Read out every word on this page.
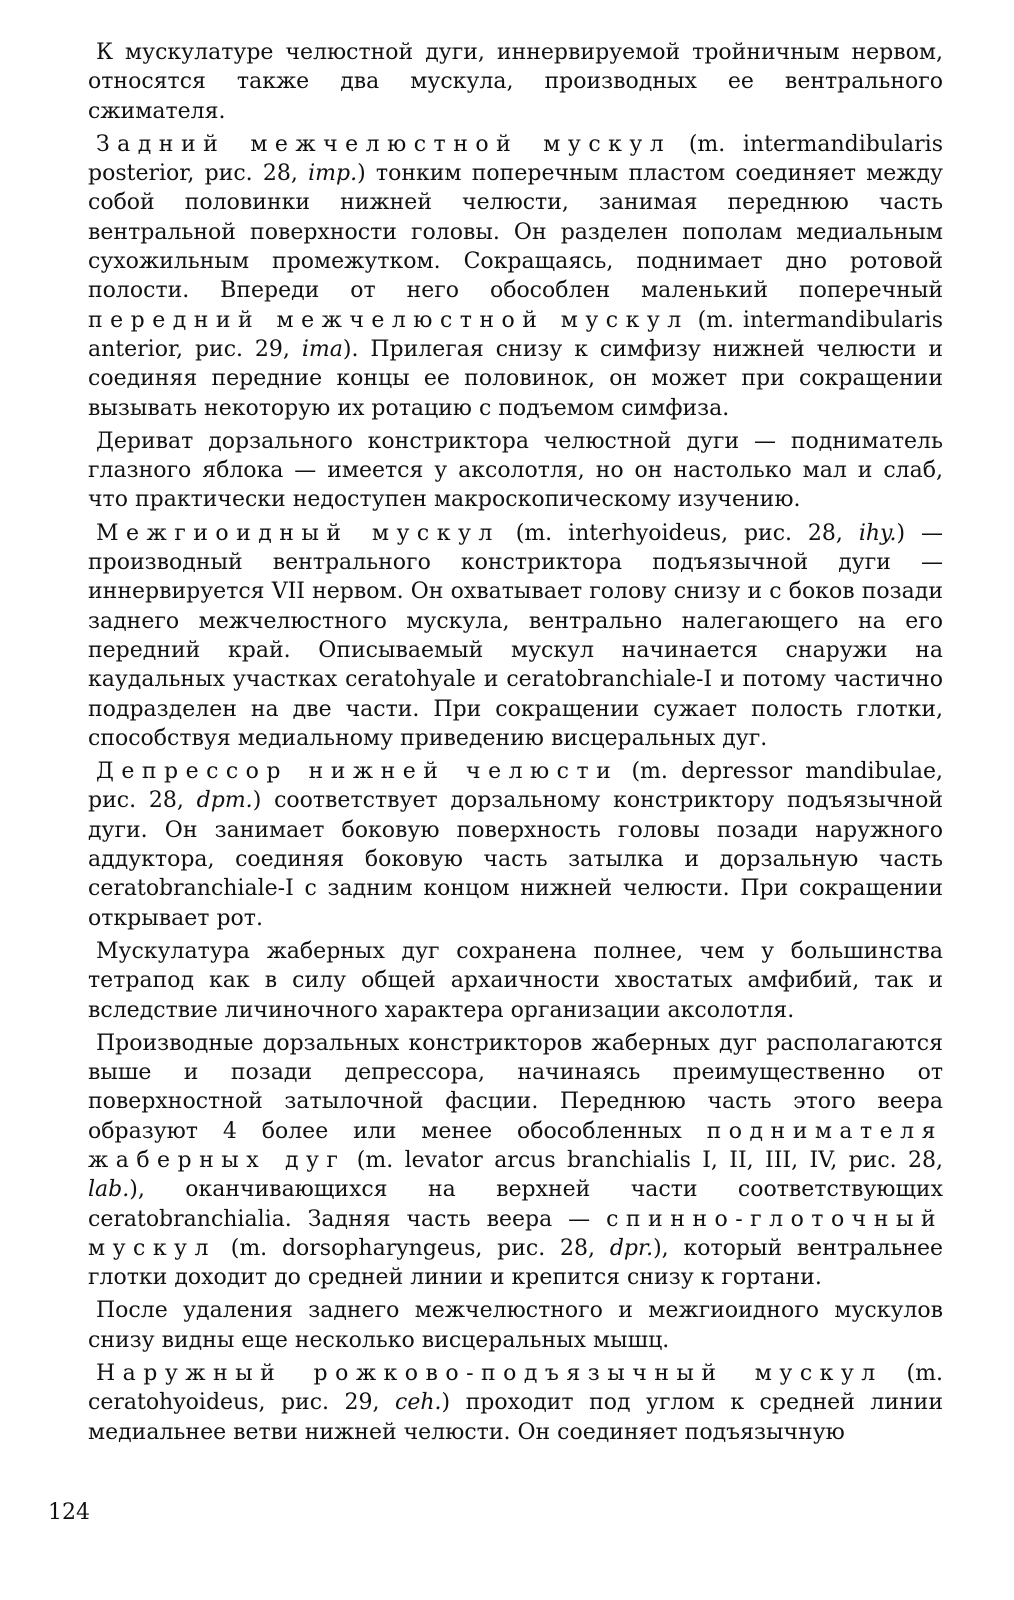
К мускулатуре челюстной дуги, иннервируемой тройничным нервом, относятся также два мускула, производных ее вентрального сжимателя.

Задний межчелюстной мускул (m. intermandibularis posterior, рис. 28, imp.) тонким поперечным пластом соединяет между собой половинки нижней челюсти, занимая переднюю часть вентральной поверхности головы. Он разделен пополам медиальным сухожильным промежутком. Сокращаясь, поднимает дно ротовой полости. Впереди от него обособлен маленький поперечный передний межчелюстной мускул (m. intermandibularis anterior, рис. 29, ima). Прилегая снизу к симфизу нижней челюсти и соединяя передние концы ее половинок, он может при сокращении вызывать некоторую их ротацию с подъемом симфиза.

Дериват дорзального констриктора челюстной дуги — подниматель глазного яблока — имеется у аксолотля, но он настолько мал и слаб, что практически недоступен макроскопическому изучению.

Межгиоидный мускул (m. interhyoideus, рис. 28, ihy.) — производный вентрального констриктора подъязычной дуги — иннервируется VII нервом. Он охватывает голову снизу и с боков позади заднего межчелюстного мускула, вентрально налегающего на его передний край. Описываемый мускул начинается снаружи на каудальных участках ceratohyale и ceratobranchiale-I и потому частично подразделен на две части. При сокращении сужает полость глотки, способствуя медиальному приведению висцеральных дуг.

Депрессор нижней челюсти (m. depressor mandibulae, рис. 28, dpm.) соответствует дорзальному констриктору подъязычной дуги. Он занимает боковую поверхность головы позади наружного аддуктора, соединяя боковую часть затылка и дорзальную часть ceratobranchiale-I с задним концом нижней челюсти. При сокращении открывает рот.

Мускулатура жаберных дуг сохранена полнее, чем у большинства тетрапод как в силу общей архаичности хвостатых амфибий, так и вследствие личиночного характера организации аксолотля.

Производные дорзальных констрикторов жаберных дуг располагаются выше и позади депрессора, начинаясь преимущественно от поверхностной затылочной фасции. Переднюю часть этого веера образуют 4 более или менее обособленных поднимателя жаберных дуг (m. levator arcus branchialis I, II, III, IV, рис. 28, lab.), оканчивающихся на верхней части соответствующих ceratobranchialia. Задняя часть веера — спинно-глоточный мускул (m. dorsopharyngeus, рис. 28, dpr.), который вентральнее глотки доходит до средней линии и крепится снизу к гортани.

После удаления заднего межчелюстного и межгиоидного мускулов снизу видны еще несколько висцеральных мышц.

Наружный рожково-подъязычный мускул (m. ceratohyoideus, рис. 29, ceh.) проходит под углом к средней линии медиальнее ветви нижней челюсти. Он соединяет подъязычную

124
